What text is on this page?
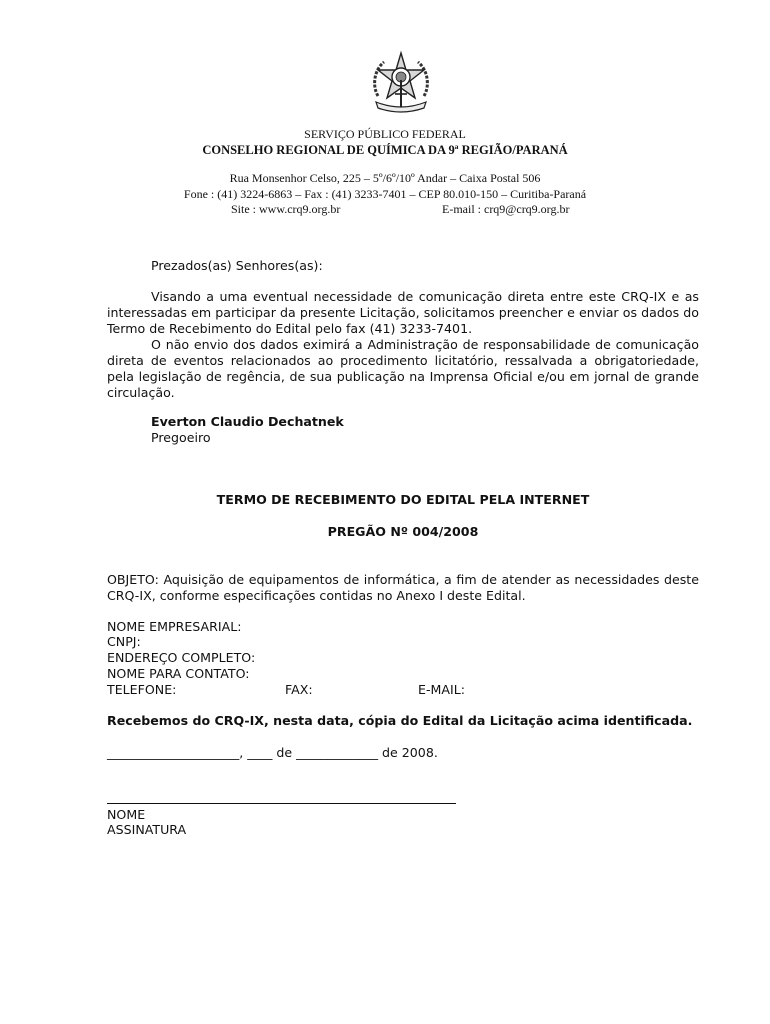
SERVIÇO PÚBLICO FEDERAL
CONSELHO REGIONAL DE QUÍMICA DA 9ª REGIÃO/PARANÁ
Rua Monsenhor Celso, 225 – 5º/6º/10º Andar – Caixa Postal 506
Fone : (41) 3224-6863 – Fax : (41) 3233-7401 – CEP 80.010-150 – Curitiba-Paraná
Site : www.crq9.org.br	E-mail : crq9@crq9.org.br
Prezados(as) Senhores(as):

Visando a uma eventual necessidade de comunicação direta entre este CRQ-IX e as interessadas em participar da presente Licitação, solicitamos preencher e enviar os dados do Termo de Recebimento do Edital pelo fax (41) 3233-7401.

O não envio dos dados eximirá a Administração de responsabilidade de comunicação direta de eventos relacionados ao procedimento licitatório, ressalvada a obrigatoriedade, pela legislação de regência, de sua publicação na Imprensa Oficial e/ou em jornal de grande circulação.

Everton Claudio Dechatnek
Pregoeiro
TERMO DE RECEBIMENTO DO EDITAL PELA INTERNET
PREGÃO Nº 004/2008
OBJETO: Aquisição de equipamentos de informática, a fim de atender as necessidades deste CRQ-IX, conforme especificações contidas no Anexo I deste Edital.
NOME EMPRESARIAL:
CNPJ:
ENDEREÇO COMPLETO:
NOME PARA CONTATO:
TELEFONE:	FAX:	E-MAIL:
Recebemos do CRQ-IX, nesta data, cópia do Edital da Licitação acima identificada.
_____________________, ____ de _____________ de 2008.
NOME
ASSINATURA
